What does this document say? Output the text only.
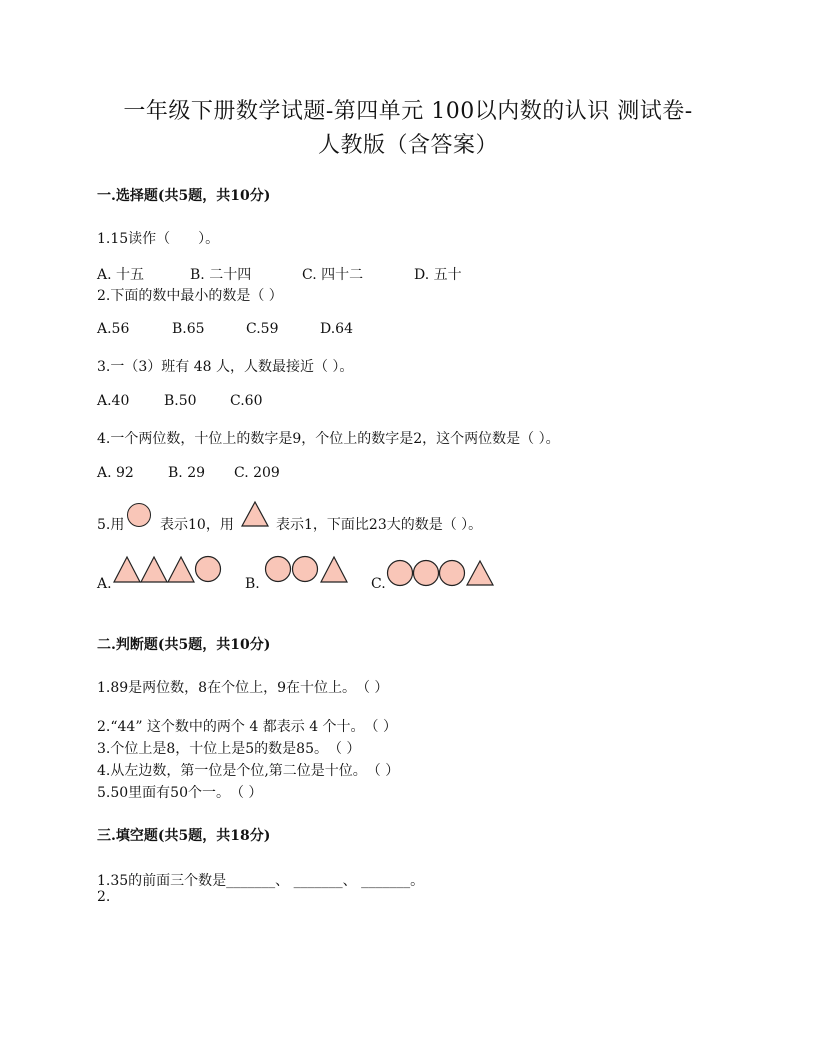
一年级下册数学试题-第四单元 100以内数的认识 测试卷-
人教版（含答案）
一.选择题(共5题，共10分)
1.15读作（　　）。
A. 十五	B. 二十四	C. 四十二	D. 五十
2.下面的数中最小的数是（ ）
A.56	B.65	C.59	D.64
3.一（3）班有 48 人，人数最接近（ ）。
A.40 B.50 C.60
4.一个两位数，十位上的数字是9，个位上的数字是2，这个两位数是（ ）。
A. 92 B. 29 C. 209
5.用	表示10，用	表示1，下面比23大的数是（ ）。
A.	B.	C.
二.判断题(共5题，共10分)
1.89是两位数，8在个位上，9在十位上。　（ ）
2.“44” 这个数中的两个 4 都表示 4 个十。　（ ）
3.个位上是8，十位上是5的数是85。　（ ）
4.从左边数，第一位是个位,第二位是十位。　（ ）
5.50里面有50个一。　（ ）
三.填空题(共5题，共18分)
1.35的前面三个数是_______、 _______、 _______。
2.
